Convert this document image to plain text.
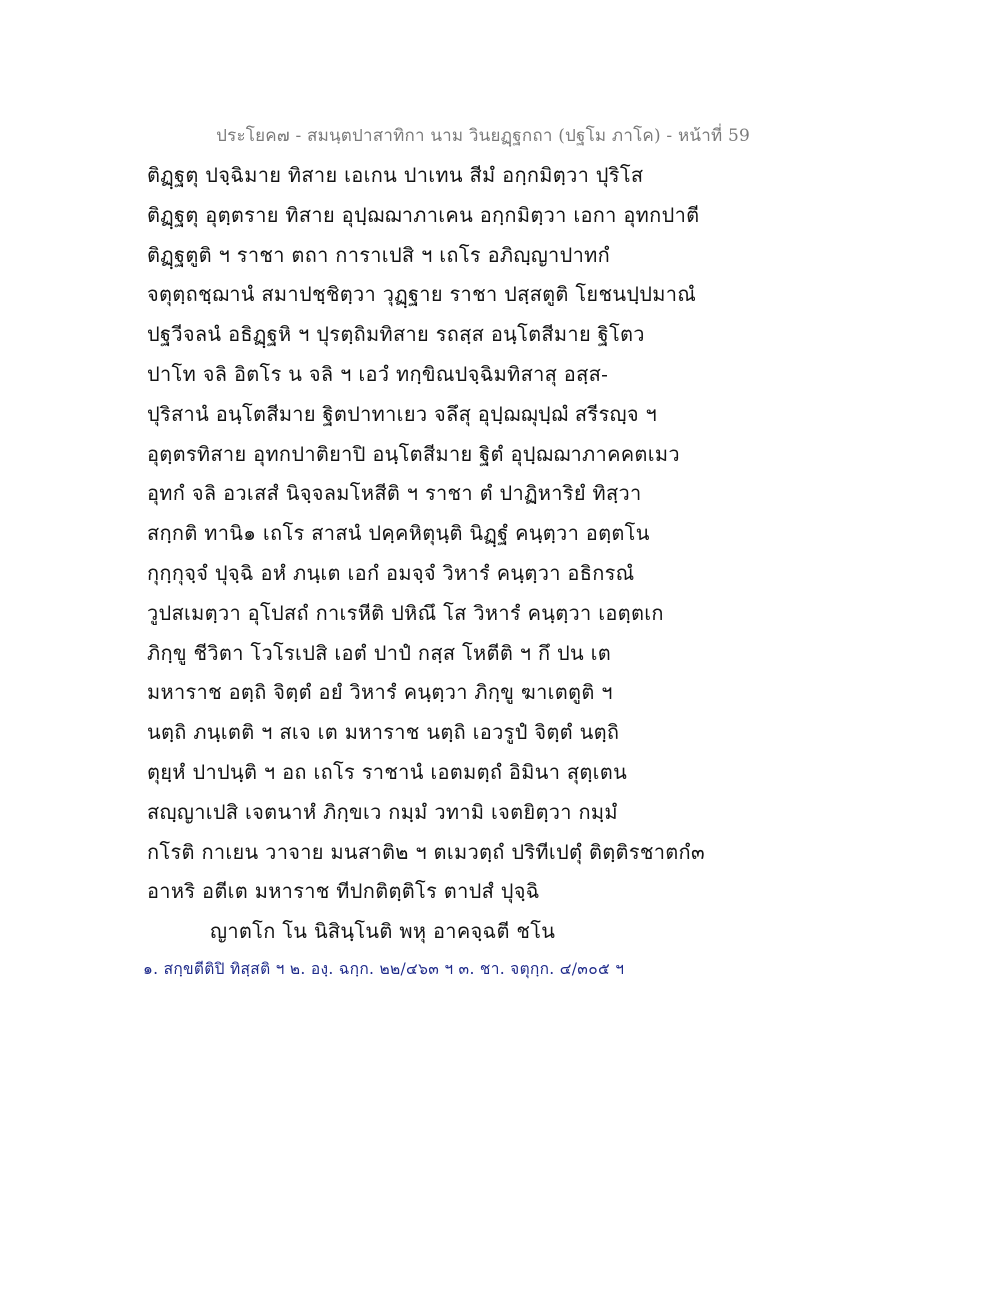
ประโยค๗ - สมนฺตปาสาทิกา นาม วินยฏฺฐกถา (ปฐโม ภาโค) - หน้าที่ 59
ติฏฺฐตุ ปจฺฉิมาย ทิสาย เอเกน ปาเทน สีมํ อกฺกมิตฺวา ปุริโส
ติฏฺฐตุ อุตฺตราย ทิสาย อุปฺฌฌาภาเคน อกฺกมิตฺวา เอกา อุทกปาตี
ติฏฺฐตูติ ฯ ราชา ตถา การาเปสิ ฯ เถโร อภิญฺญาปาทกํ
จตุตฺถชฺฌานํ สมาปชฺชิตฺวา วุฏฺฐาย ราชา ปสฺสตูติ โยชนปฺปมาณํ
ปฐวีจลนํ อธิฏฺฐหิ ฯ ปุรตฺถิมทิสาย รถสฺส อนฺโตสีมาย ฐิโตว
ปาโท จลิ อิตโร น จลิ ฯ เอวํ ทกฺขิณปจฺฉิมทิสาสุ อสฺส-
ปุริสานํ อนฺโตสีมาย ฐิตปาทาเยว จลึสุ อุปฺฌฌุปฺฌํ สรีรญฺจ ฯ
อุตฺตรทิสาย อุทกปาติยาปิ อนฺโตสีมาย ฐิตํ อุปฺฌฌาภาคคตเมว
อุทกํ จลิ อวเสสํ นิจฺจลมโหสีติ ฯ ราชา ตํ ปาฏิหาริยํ ทิสฺวา
สกฺกติ ทานิ๑ เถโร สาสนํ ปคฺคหิตุนฺติ นิฏฺฐํ คนฺตฺวา อตฺตโน
กุกฺกุจฺจํ ปุจฺฉิ อหํ ภนฺเต เอกํ อมจฺจํ วิหารํ คนฺตฺวา อธิกรณํ
วูปสเมตฺวา อุโปสถํ กาเรหีติ ปหิณึ โส วิหารํ คนฺตฺวา เอตฺตเก
ภิกฺขู ชีวิตา โวโรเปสิ เอตํ ปาปํ กสฺส โหตีติ ฯ กึ ปน เต
มหาราช อตฺถิ จิตฺตํ อยํ วิหารํ คนฺตฺวา ภิกฺขู ฆาเตตูติ ฯ
นตฺถิ ภนฺเตติ ฯ สเจ เต มหาราช นตฺถิ เอวรูปํ จิตฺตํ นตฺถิ
ตุยฺหํ ปาปนฺติ ฯ อถ เถโร ราชานํ เอตมตฺถํ อิมินา สุตฺเตน
สญฺญาเปสิ เจตนาหํ ภิกฺขเว กมฺมํ วทามิ เจตยิตฺวา กมฺมํ
กโรติ กาเยน วาจาย มนสาติ๒ ฯ ตเมวตฺถํ ปริทีเปตุํ ติตฺติรชาตกํ๓
อาหริ อตีเต มหาราช ทีปกติตฺติโร ตาปสํ ปุจฺฉิ
ญาตโก โน นิสินฺโนติ พหุ อาคจฺฉตี ชโน
๑. สกฺขตีติปิ ทิสฺสติ ฯ ๒. องฺ. ฉกฺก. ๒๒/๔๖๓ ฯ ๓. ชา. จตุกฺก. ๔/๓๐๕ ฯ
